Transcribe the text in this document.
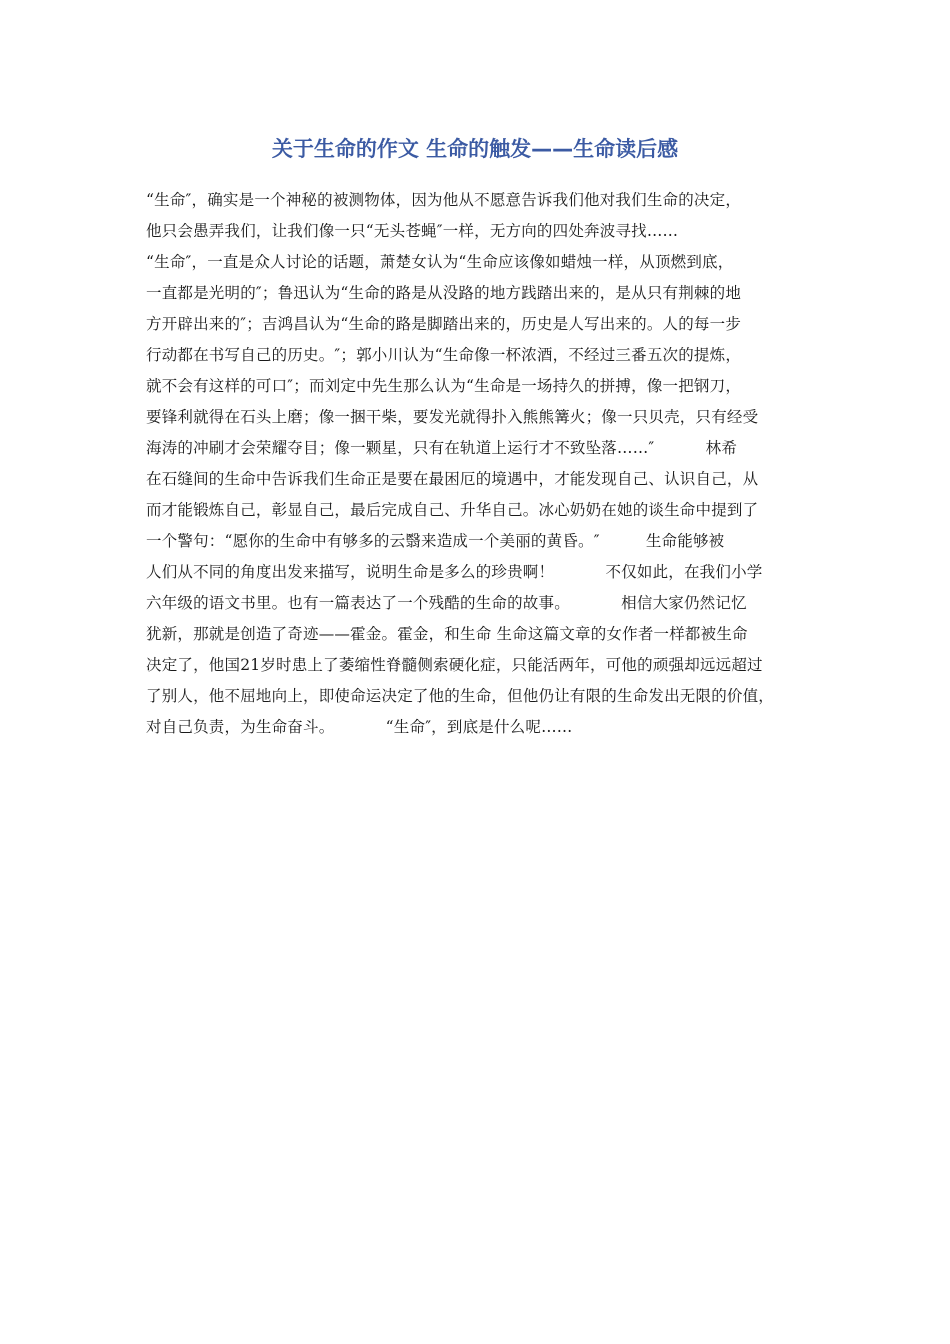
关于生命的作文 生命的触发——生命读后感
“生命″，确实是一个神秘的被测物体，因为他从不愿意告诉我们他对我们生命的决定，
他只会愚弄我们，让我们像一只“无头苍蝇″一样，无方向的四处奔波寻找……
“生命″，一直是众人讨论的话题，萧楚女认为“生命应该像如蜡烛一样，从顶燃到底，
一直都是光明的″；鲁迅认为“生命的路是从没路的地方践踏出来的，是从只有荆棘的地
方开辟出来的″；吉鸿昌认为“生命的路是脚踏出来的，历史是人写出来的。人的每一步
行动都在书写自己的历史。″；郭小川认为“生命像一杯浓酒，不经过三番五次的提炼，
就不会有这样的可口″；而刘定中先生那么认为“生命是一场持久的拼搏，像一把钢刀，
要锋利就得在石头上磨；像一捆干柴，要发光就得扑入熊熊篝火；像一只贝壳，只有经受
海涛的冲刷才会荣耀夺目；像一颗星，只有在轨道上运行才不致坠落……″          林希
在石缝间的生命中告诉我们生命正是要在最困厄的境遇中，才能发现自己、认识自己，从
而才能锻炼自己，彰显自己，最后完成自己、升华自己。冰心奶奶在她的谈生命中提到了
一个警句：“愿你的生命中有够多的云翳来造成一个美丽的黄昏。″         生命能够被
人们从不同的角度出发来描写，说明生命是多么的珍贵啊！          不仅如此，在我们小学
六年级的语文书里。也有一篇表达了一个残酷的生命的故事。          相信大家仍然记忆
犹新，那就是创造了奇迹——霍金。霍金，和生命 生命这篇文章的女作者一样都被生命
决定了，他国21岁时患上了萎缩性脊髓侧索硬化症，只能活两年，可他的顽强却远远超过
了别人，他不屈地向上，即使命运决定了他的生命，但他仍让有限的生命发出无限的价值，
对自己负责，为生命奋斗。          “生命″，到底是什么呢……
